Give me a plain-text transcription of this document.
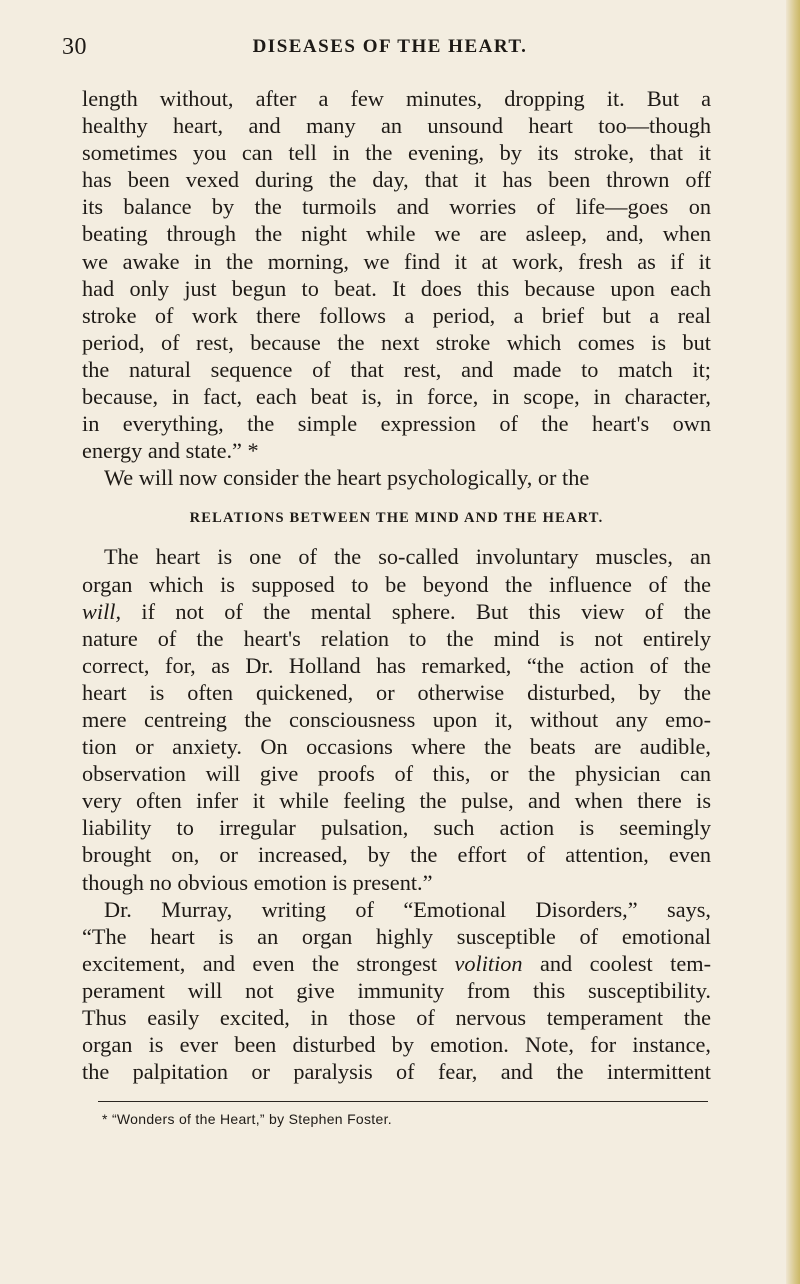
30	DISEASES OF THE HEART.

length without, after a few minutes, dropping it. But a

healthy heart, and many an unsound heart too—though

sometimes you can tell in the evening, by its stroke, that it

has been vexed during the day, that it has been thrown off

its balance by the turmoils and worries of life—goes on

beating through the night while we are asleep, and, when

we awake in the morning, we find it at work, fresh as if it

had only just begun to beat. It does this because upon each

stroke of work there follows a period, a brief but a real

period, of rest, because the next stroke which comes is but

the natural sequence of that rest, and made to match it;

because, in fact, each beat is, in force, in scope, in character,

in everything, the simple expression of the heart's own

energy and state.” *

We will now consider the heart psychologically, or the

RELATIONS BETWEEN THE MIND AND THE HEART.

The heart is one of the so-called involuntary muscles, an

organ which is supposed to be beyond the influence of the

will, if not of the mental sphere. But this view of the

nature of the heart's relation to the mind is not entirely

correct, for, as Dr. Holland has remarked, “the action of the

heart is often quickened, or otherwise disturbed, by the

mere centreing the consciousness upon it, without any emo-

tion or anxiety. On occasions where the beats are audible,

observation will give proofs of this, or the physician can

very often infer it while feeling the pulse, and when there is

liability to irregular pulsation, such action is seemingly

brought on, or increased, by the effort of attention, even

though no obvious emotion is present.”

Dr. Murray, writing of “Emotional Disorders,” says,

“The heart is an organ highly susceptible of emotional

excitement, and even the strongest volition and coolest tem-

perament will not give immunity from this susceptibility.

Thus easily excited, in those of nervous temperament the

organ is ever been disturbed by emotion. Note, for instance,

the palpitation or paralysis of fear, and the intermittent

* “Wonders of the Heart,” by Stephen Foster.
